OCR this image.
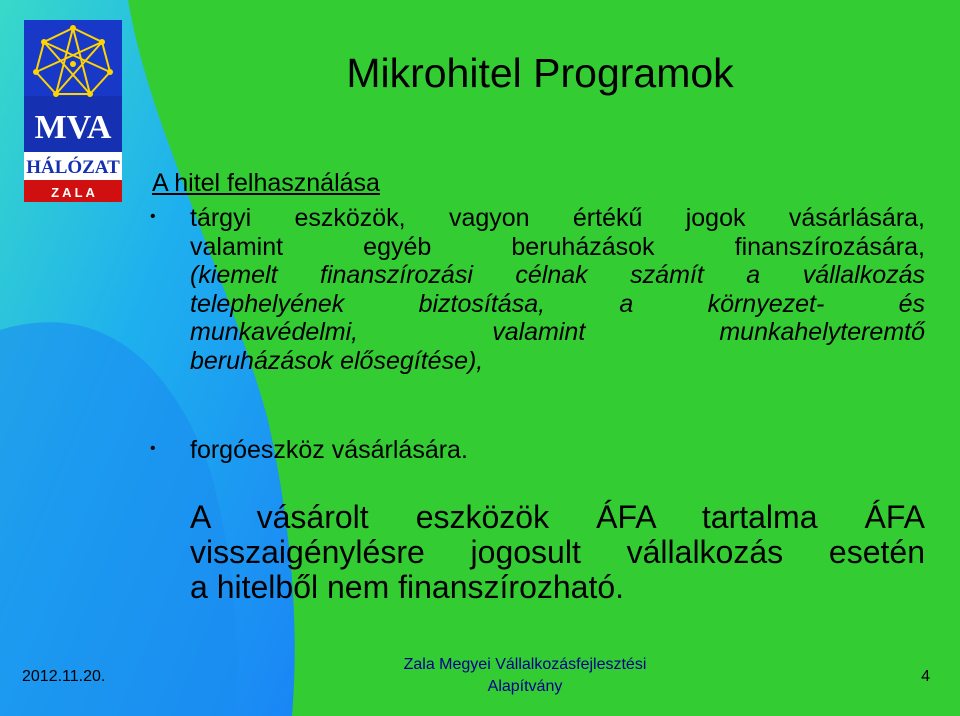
MVA
HÁLÓZAT
Z A L A
Mikrohitel Programok
A hitel felhasználása
• tárgyi eszközök, vagyon értékű jogok vásárlására,
valamint egyéb beruházások finanszírozására,
(kiemelt finanszírozási célnak számít a vállalkozás
telephelyének biztosítása, a környezet- és
munkavédelmi, valamint munkahelyteremtő
beruházások elősegítése),
• forgóeszköz vásárlására.
A vásárolt eszközök ÁFA tartalma ÁFA
visszaigénylésre jogosult vállalkozás esetén
a hitelből nem finanszírozható.
2012.11.20.
Zala Megyei Vállalkozásfejlesztési
Alapítvány
4
